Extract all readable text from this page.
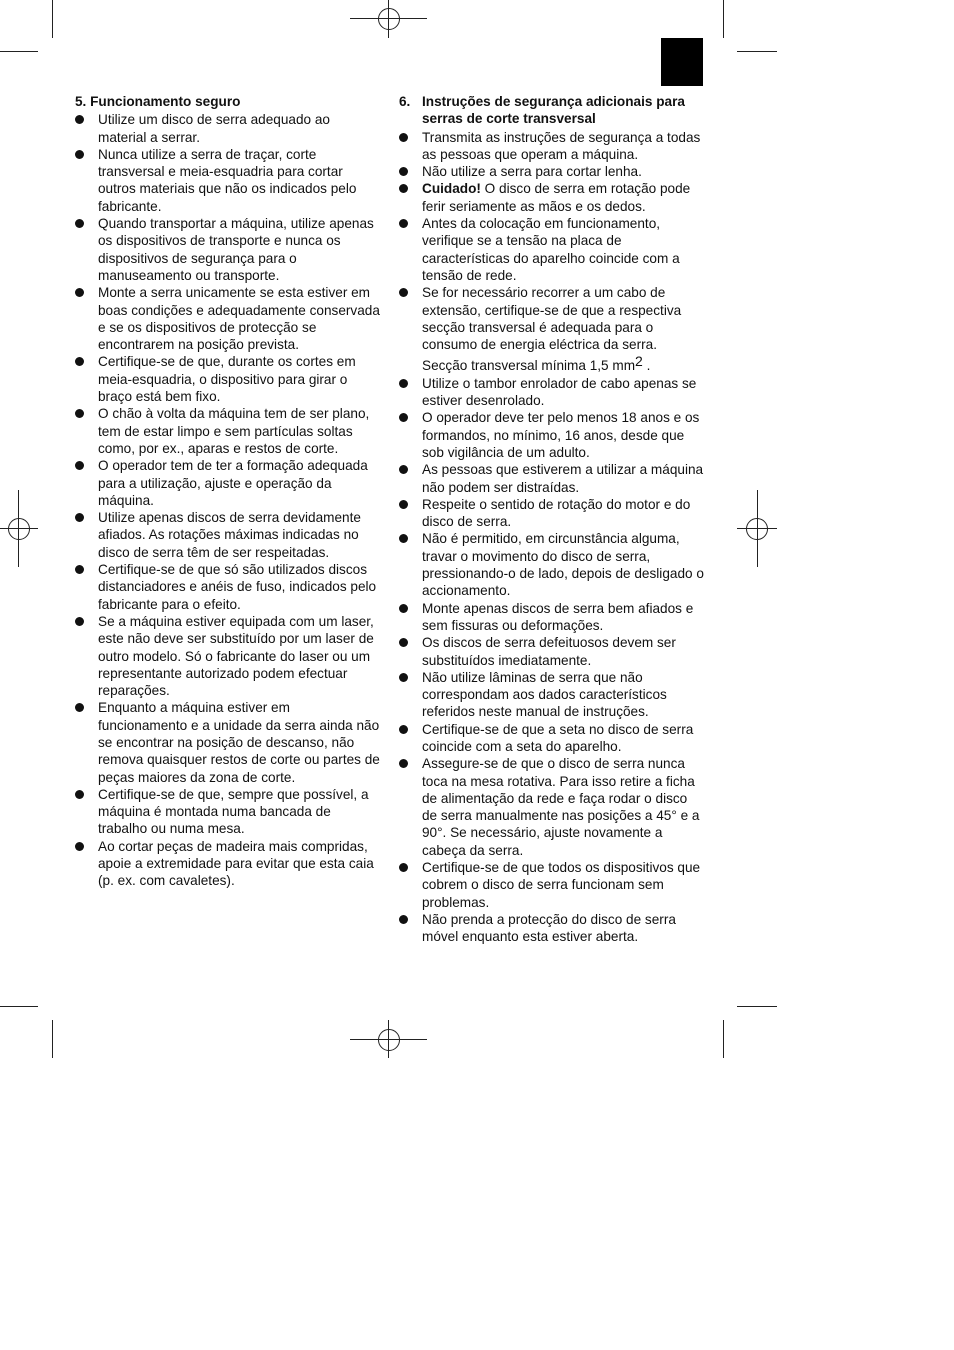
5. Funcionamento seguro
Utilize um disco de serra adequado ao material a serrar.
Nunca utilize a serra de traçar, corte transversal e meia-esquadria para cortar outros materiais que não os indicados pelo fabricante.
Quando transportar a máquina, utilize apenas os dispositivos de transporte e nunca os dispositivos de segurança para o manuseamento ou transporte.
Monte a serra unicamente se esta estiver em boas condições e adequadamente conservada e se os dispositivos de protecção se encontrarem na posição prevista.
Certifique-se de que, durante os cortes em meia-esquadria, o dispositivo para girar o braço está bem fixo.
O chão à volta da máquina tem de ser plano, tem de estar limpo e sem partículas soltas como, por ex., aparas e restos de corte.
O operador tem de ter a formação adequada para a utilização, ajuste e operação da máquina.
Utilize apenas discos de serra devidamente afiados. As rotações máximas indicadas no disco de serra têm de ser respeitadas.
Certifique-se de que só são utilizados discos distanciadores e anéis de fuso, indicados pelo fabricante para o efeito.
Se a máquina estiver equipada com um laser, este não deve ser substituído por um laser de outro modelo. Só o fabricante do laser ou um representante autorizado podem efectuar reparações.
Enquanto a máquina estiver em funcionamento e a unidade da serra ainda não se encontrar na posição de descanso, não remova quaisquer restos de corte ou partes de peças maiores da zona de corte.
Certifique-se de que, sempre que possível, a máquina é montada numa bancada de trabalho ou numa mesa.
Ao cortar peças de madeira mais compridas, apoie a extremidade para evitar que esta caia (p. ex. com cavaletes).
6. Instruções de segurança adicionais para serras de corte transversal
Transmita as instruções de segurança a todas as pessoas que operam a máquina.
Não utilize a serra para cortar lenha.
Cuidado! O disco de serra em rotação pode ferir seriamente as mãos e os dedos.
Antes da colocação em funcionamento, verifique se a tensão na placa de características do aparelho coincide com a tensão de rede.
Se for necessário recorrer a um cabo de extensão, certifique-se de que a respectiva secção transversal é adequada para o consumo de energia eléctrica da serra.
Secção transversal mínima 1,5 $mm^2$ .
Utilize o tambor enrolador de cabo apenas se estiver desenrolado.
O operador deve ter pelo menos 18 anos e os formandos, no mínimo, 16 anos, desde que sob vigilância de um adulto.
As pessoas que estiverem a utilizar a máquina não podem ser distraídas.
Respeite o sentido de rotação do motor e do disco de serra.
Não é permitido, em circunstância alguma, travar o movimento do disco de serra, pressionando-o de lado, depois de desligado o accionamento.
Monte apenas discos de serra bem afiados e sem fissuras ou deformações.
Os discos de serra defeituosos devem ser substituídos imediatamente.
Não utilize lâminas de serra que não correspondam aos dados característicos referidos neste manual de instruções.
Certifique-se de que a seta no disco de serra coincide com a seta do aparelho.
Assegure-se de que o disco de serra nunca toca na mesa rotativa. Para isso retire a ficha de alimentação da rede e faça rodar o disco de serra manualmente nas posições a 45° e a 90°. Se necessário, ajuste novamente a cabeça da serra.
Certifique-se de que todos os dispositivos que cobrem o disco de serra funcionam sem problemas.
Não prenda a protecção do disco de serra móvel enquanto esta estiver aberta.
